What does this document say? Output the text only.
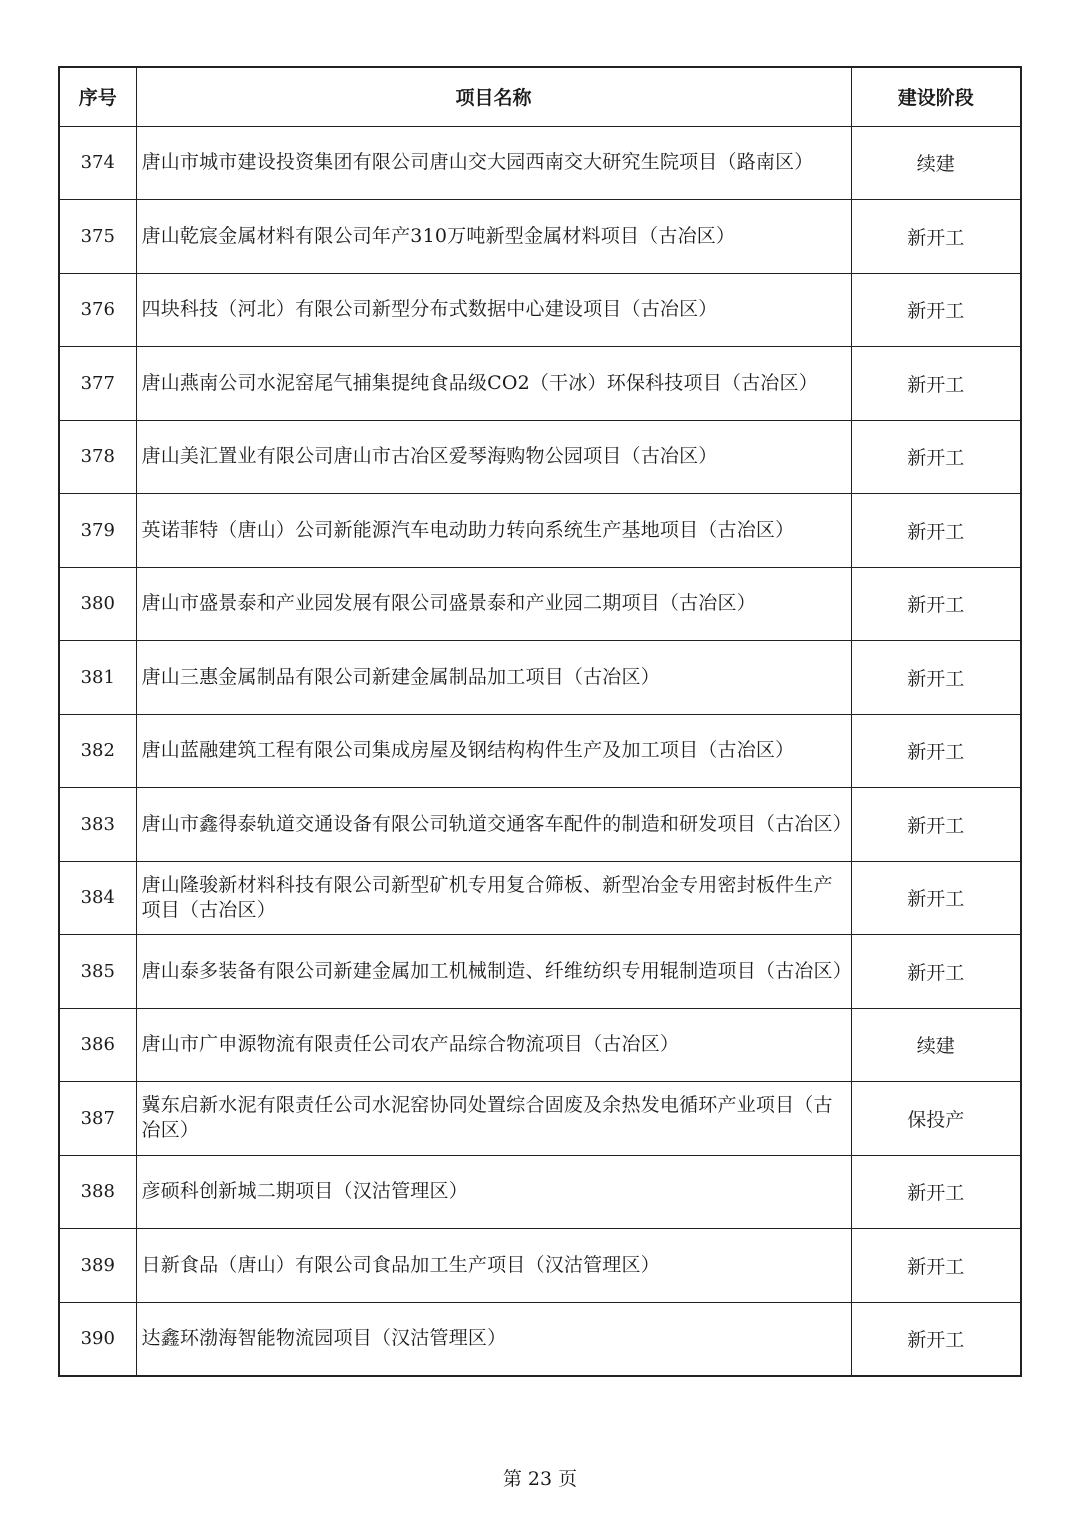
序号	项目名称	建设阶段
374	唐山市城市建设投资集团有限公司唐山交大园西南交大研究生院项目（路南区）	续建
375	唐山乾宸金属材料有限公司年产310万吨新型金属材料项目（古冶区）	新开工
376	四块科技（河北）有限公司新型分布式数据中心建设项目（古冶区）	新开工
377	唐山燕南公司水泥窑尾气捕集提纯食品级CO2（干冰）环保科技项目（古冶区）	新开工
378	唐山美汇置业有限公司唐山市古冶区爱琴海购物公园项目（古冶区）	新开工
379	英诺菲特（唐山）公司新能源汽车电动助力转向系统生产基地项目（古冶区）	新开工
380	唐山市盛景泰和产业园发展有限公司盛景泰和产业园二期项目（古冶区）	新开工
381	唐山三惠金属制品有限公司新建金属制品加工项目（古冶区）	新开工
382	唐山蓝融建筑工程有限公司集成房屋及钢结构构件生产及加工项目（古冶区）	新开工
383	唐山市鑫得泰轨道交通设备有限公司轨道交通客车配件的制造和研发项目（古冶区）	新开工
384	唐山隆骏新材料科技有限公司新型矿机专用复合筛板、新型冶金专用密封板件生产项目（古冶区）	新开工
385	唐山泰多装备有限公司新建金属加工机械制造、纤维纺织专用辊制造项目（古冶区）	新开工
386	唐山市广申源物流有限责任公司农产品综合物流项目（古冶区）	续建
387	冀东启新水泥有限责任公司水泥窑协同处置综合固废及余热发电循环产业项目（古冶区）	保投产
388	彦硕科创新城二期项目（汉沽管理区）	新开工
389	日新食品（唐山）有限公司食品加工生产项目（汉沽管理区）	新开工
390	达鑫环渤海智能物流园项目（汉沽管理区）	新开工
第 23 页
